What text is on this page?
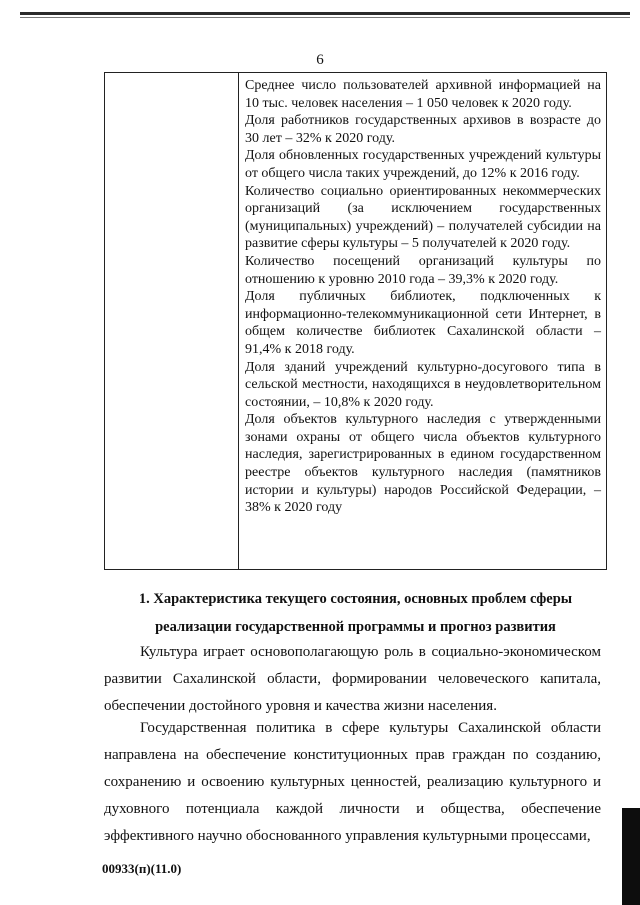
6

Среднее число пользователей архивной информацией на 10 тыс. человек населения – 1 050 человек к 2020 году.

Доля работников государственных архивов в возрасте до 30 лет – 32% к 2020 году.

Доля обновленных государственных учреждений культуры от общего числа таких учреждений, до 12% к 2016 году.

Количество социально ориентированных некоммерческих организаций (за исключением государственных (муниципальных) учреждений) – получателей субсидии на развитие сферы культуры – 5 получателей к 2020 году.

Количество посещений организаций культуры по отношению к уровню 2010 года – 39,3% к 2020 году.

Доля публичных библиотек, подключенных к информационно-телекоммуникационной сети Интернет, в общем количестве библиотек Сахалинской области – 91,4% к 2018 году.

Доля зданий учреждений культурно-досугового типа в сельской местности, находящихся в неудовлетворительном состоянии, – 10,8% к 2020 году.

Доля объектов культурного наследия с утвержденными зонами охраны от общего числа объектов культурного наследия, зарегистрированных в едином государственном реестре объектов культурного наследия (памятников истории и культуры) народов Российской Федерации, – 38% к 2020 году

1. Характеристика текущего состояния, основных проблем сферы
реализации государственной программы и прогноз развития

Культура играет основополагающую роль в социально-экономическом развитии Сахалинской области, формировании человеческого капитала, обеспечении достойного уровня и качества жизни населения.

Государственная политика в сфере культуры Сахалинской области направлена на обеспечение конституционных прав граждан по созданию, сохранению и освоению культурных ценностей, реализацию культурного и духовного потенциала каждой личности и общества, обеспечение эффективного научно обоснованного управления культурными процессами,

00933(п)(11.0)
